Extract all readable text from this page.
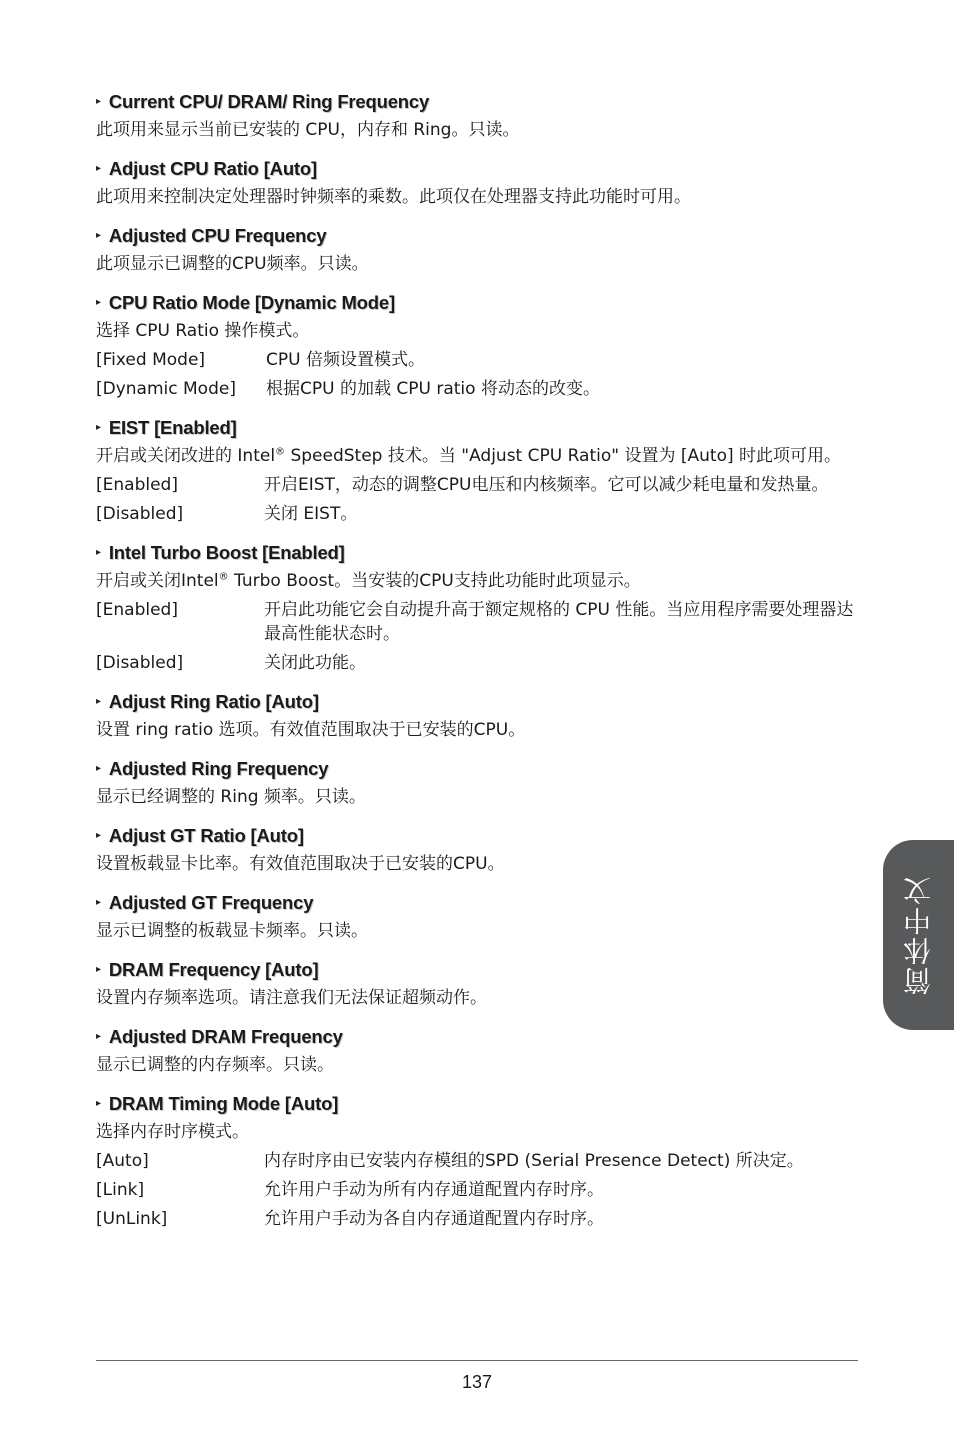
▸ Current CPU/ DRAM/ Ring Frequency
此项用来显示当前已安装的 CPU，内存和 Ring。只读。
▸ Adjust CPU Ratio [Auto]
此项用来控制决定处理器时钟频率的乘数。此项仅在处理器支持此功能时可用。
▸ Adjusted CPU Frequency
此项显示已调整的CPU频率。只读。
▸ CPU Ratio Mode [Dynamic Mode]
选择 CPU Ratio 操作模式。
[Fixed Mode]	CPU 倍频设置模式。
[Dynamic Mode]	根据CPU 的加载 CPU ratio 将动态的改变。
▸ EIST [Enabled]
开启或关闭改进的 Intel® SpeedStep 技术。当 "Adjust CPU Ratio" 设置为 [Auto] 时此项可用。
[Enabled]	开启EIST，动态的调整CPU电压和内核频率。它可以减少耗电量和发热量。
[Disabled]	关闭 EIST。
▸ Intel Turbo Boost [Enabled]
开启或关闭Intel® Turbo Boost。当安装的CPU支持此功能时此项显示。
[Enabled]	开启此功能它会自动提升高于额定规格的 CPU 性能。当应用程序需要处理器达最高性能状态时。
[Disabled]	关闭此功能。
▸ Adjust Ring Ratio [Auto]
设置 ring ratio 选项。有效值范围取决于已安装的CPU。
▸ Adjusted Ring Frequency
显示已经调整的 Ring 频率。只读。
▸ Adjust GT Ratio [Auto]
设置板载显卡比率。有效值范围取决于已安装的CPU。
▸ Adjusted GT Frequency
显示已调整的板载显卡频率。只读。
▸ DRAM Frequency [Auto]
设置内存频率选项。请注意我们无法保证超频动作。
▸ Adjusted DRAM Frequency
显示已调整的内存频率。只读。
▸ DRAM Timing Mode [Auto]
选择内存时序模式。
[Auto]	内存时序由已安装内存模组的SPD (Serial Presence Detect) 所决定。
[Link]	允许用户手动为所有内存通道配置内存时序。
[UnLink]	允许用户手动为各自内存通道配置内存时序。
简体中文
137
